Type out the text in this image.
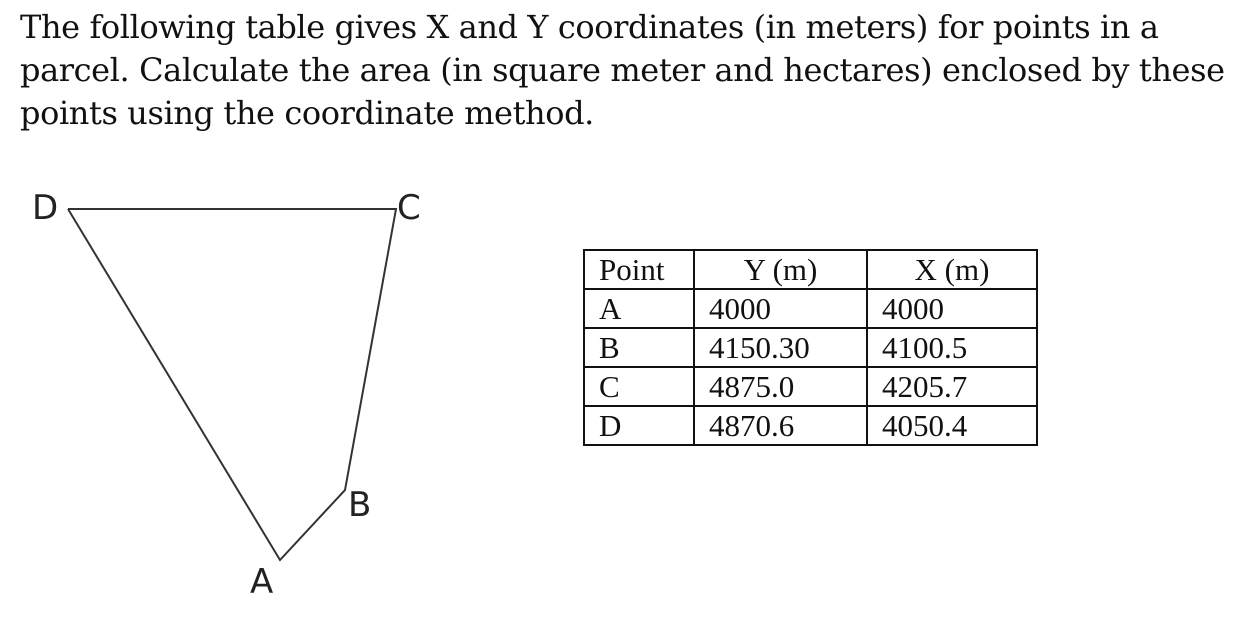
The following table gives X and Y coordinates (in meters) for points in a parcel. Calculate the area (in square meter and hectares) enclosed by these points using the coordinate method.

D	C
B
A
Point	Y (m)	X (m)
A	4000	4000
B	4150.30	4100.5
C	4875.0	4205.7
D	4870.6	4050.4
